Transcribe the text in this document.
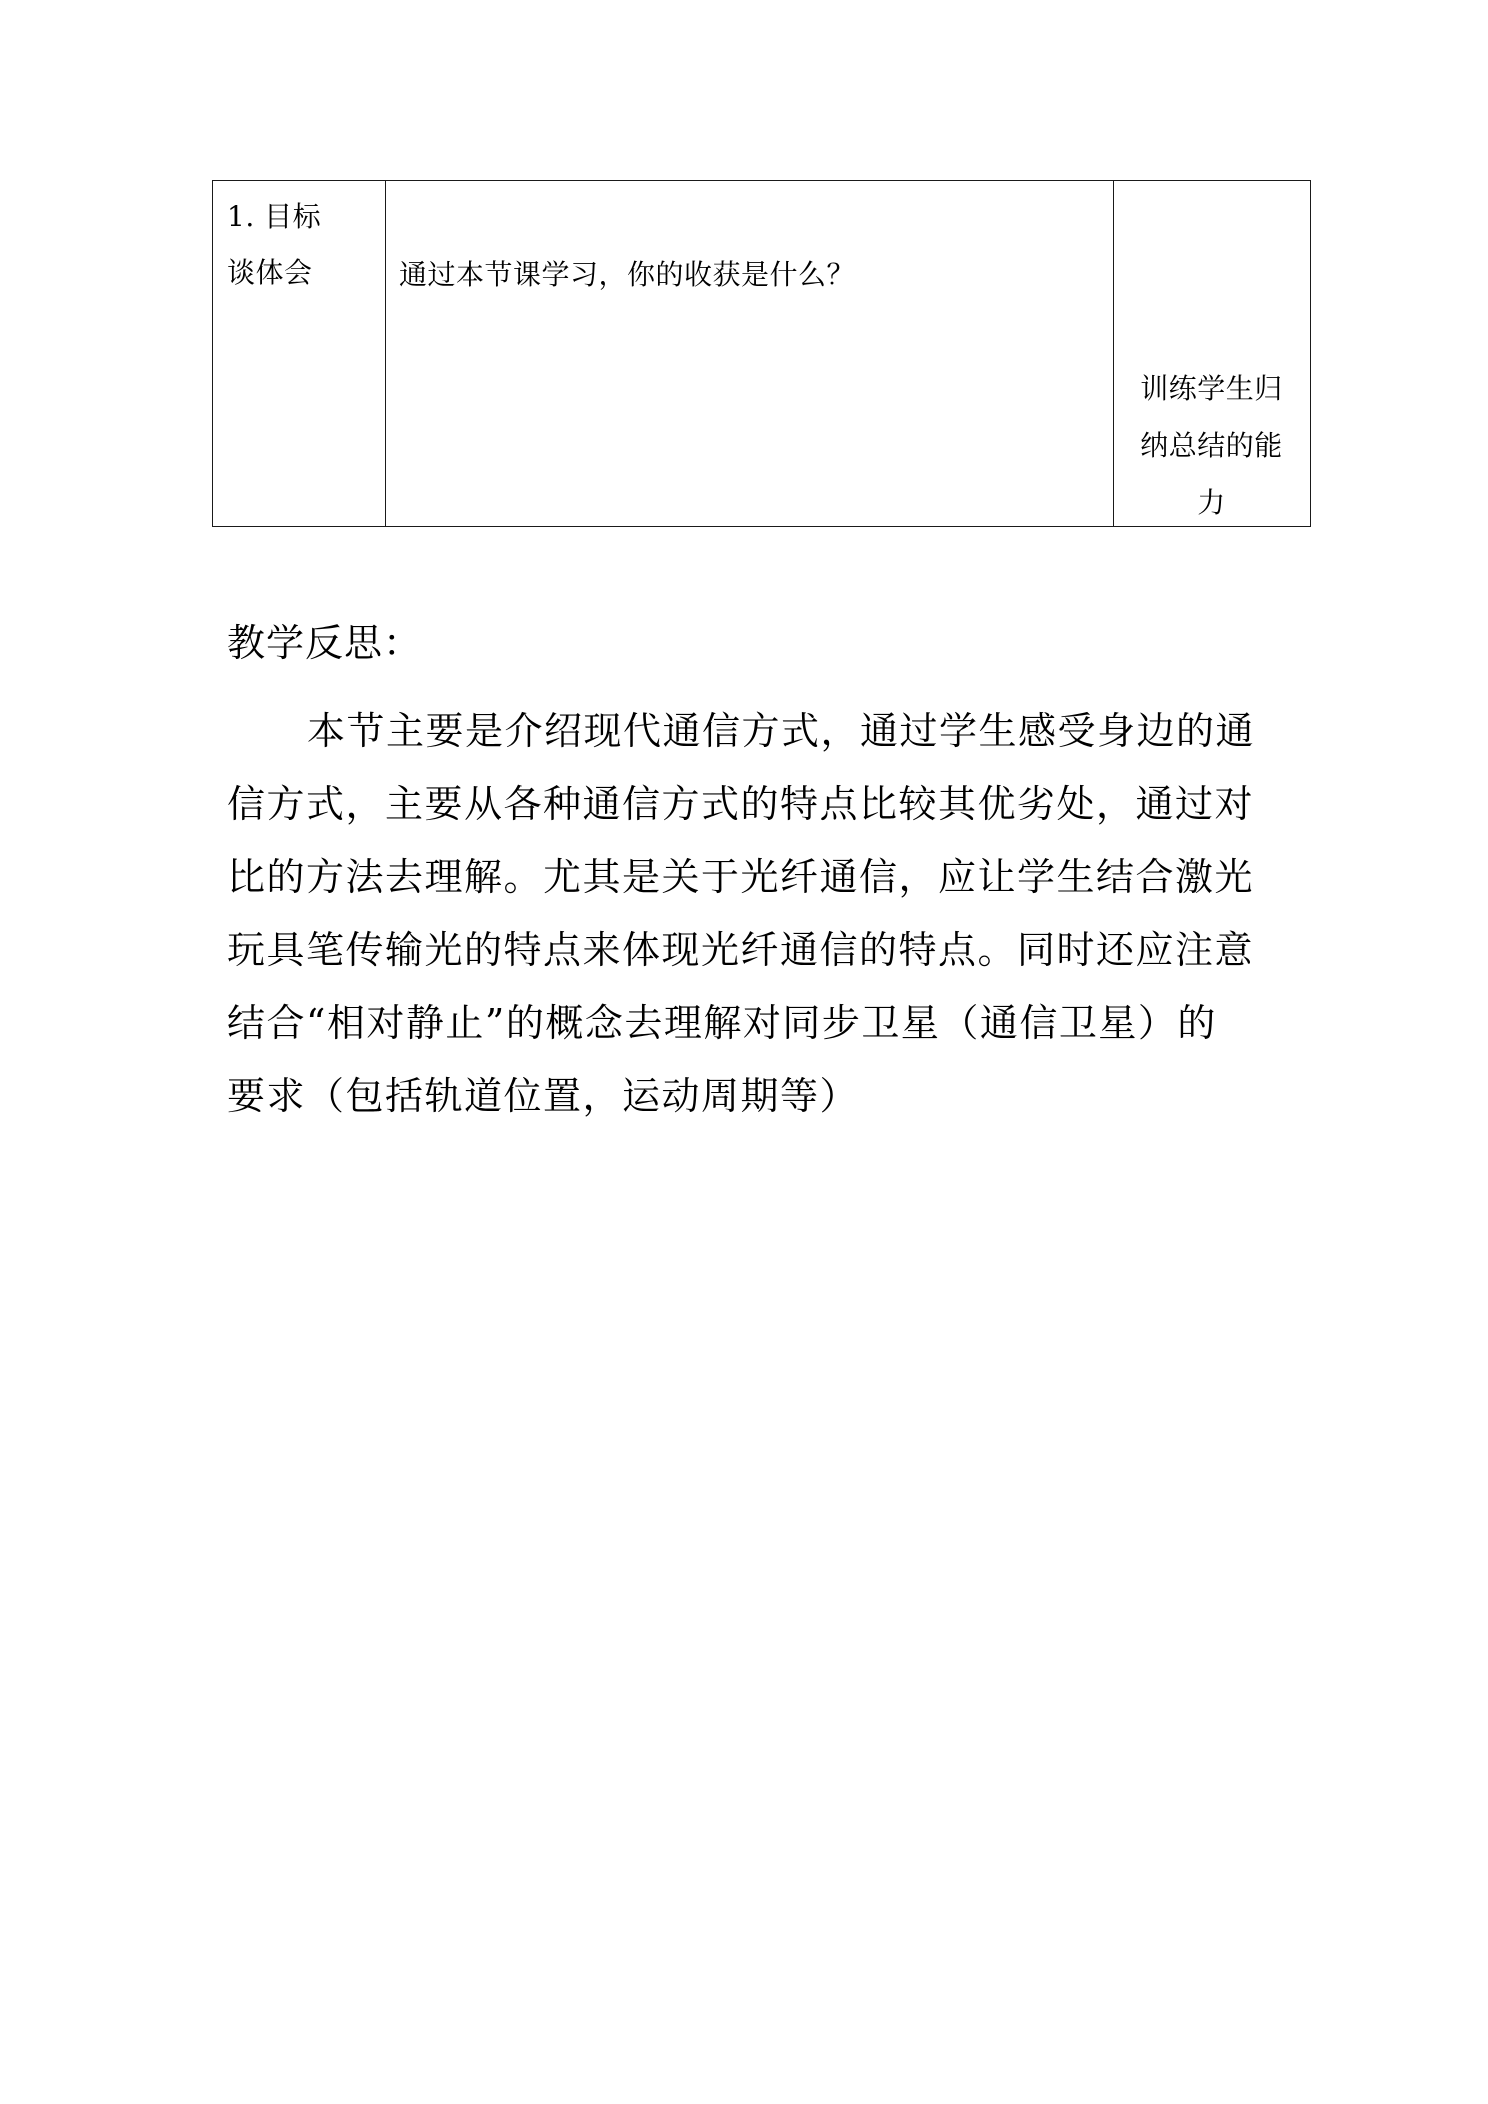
1. 目标
谈体会	通过本节课学习，你的收获是什么？
训练学生归
纳总结的能
力
教学反思：
本节主要是介绍现代通信方式，通过学生感受身边的通
信方式，主要从各种通信方式的特点比较其优劣处，通过对
比的方法去理解。尤其是关于光纤通信，应让学生结合激光
玩具笔传输光的特点来体现光纤通信的特点。同时还应注意
结合“相对静止”的概念去理解对同步卫星（通信卫星）的
要求（包括轨道位置，运动周期等）
